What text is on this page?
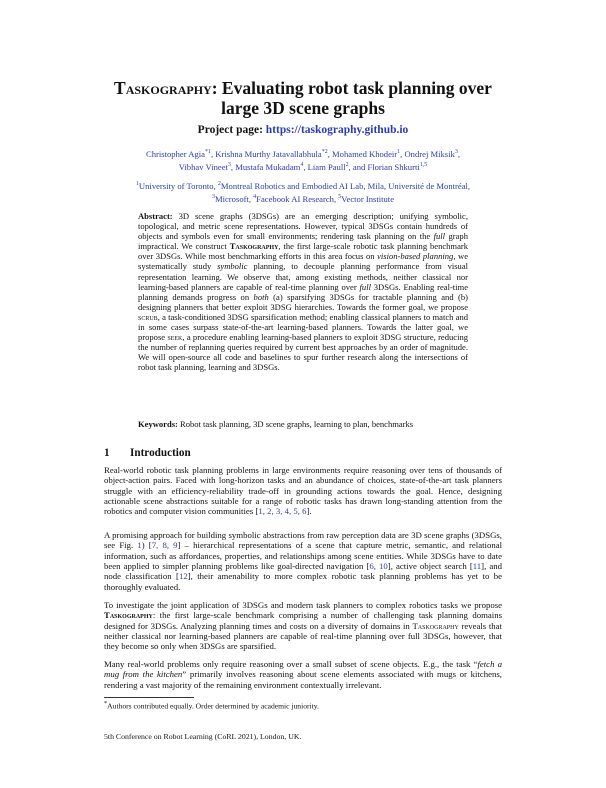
Taskography: Evaluating robot task planning over
large 3D scene graphs
Project page: https://taskography.github.io
Christopher Agia$^{*1}$, Krishna Murthy Jatavallabhula$^{*2}$, Mohamed Khodeir$^1$, Ondrej Miksik$^3$,
Vibhav Vineet$^3$, Mustafa Mukadam$^4$, Liam Paull$^2$, and Florian Shkurti$^{1,5}$
$^1$University of Toronto, $^2$Montreal Robotics and Embodied AI Lab, Mila, Université de Montréal,
$^3$Microsoft, $^4$Facebook AI Research, $^5$Vector Institute
Abstract: 3D scene graphs (3DSGs) are an emerging description; unifying symbolic, topological, and metric scene representations. However, typical 3DSGs contain hundreds of objects and symbols even for small environments; rendering task planning on the full graph impractical. We construct Taskography, the first large-scale robotic task planning benchmark over 3DSGs. While most benchmarking efforts in this area focus on vision-based planning, we systematically study symbolic planning, to decouple planning performance from visual representation learning. We observe that, among existing methods, neither classical nor learning-based planners are capable of real-time planning over full 3DSGs. Enabling real-time planning demands progress on both (a) sparsifying 3DSGs for tractable planning and (b) designing planners that better exploit 3DSG hierarchies. Towards the former goal, we propose scrub, a task-conditioned 3DSG sparsification method; enabling classical planners to match and in some cases surpass state-of-the-art learning-based planners. Towards the latter goal, we propose seek, a procedure enabling learning-based planners to exploit 3DSG structure, reducing the number of replanning queries required by current best approaches by an order of magnitude. We will open-source all code and baselines to spur further research along the intersections of robot task planning, learning and 3DSGs.
Keywords: Robot task planning, 3D scene graphs, learning to plan, benchmarks
1 Introduction
Real-world robotic task planning problems in large environments require reasoning over tens of thousands of object-action pairs. Faced with long-horizon tasks and an abundance of choices, state-of-the-art task planners struggle with an efficiency-reliability trade-off in grounding actions towards the goal. Hence, designing actionable scene abstractions suitable for a range of robotic tasks has drawn long-standing attention from the robotics and computer vision communities [1, 2, 3, 4, 5, 6].
A promising approach for building symbolic abstractions from raw perception data are 3D scene graphs (3DSGs, see Fig. 1) [7, 8, 9] – hierarchical representations of a scene that capture metric, semantic, and relational information, such as affordances, properties, and relationships among scene entities. While 3DSGs have to date been applied to simpler planning problems like goal-directed navigation [6, 10], active object search [11], and node classification [12], their amenability to more complex robotic task planning problems has yet to be thoroughly evaluated.
To investigate the joint application of 3DSGs and modern task planners to complex robotics tasks we propose Taskography: the first large-scale benchmark comprising a number of challenging task planning domains designed for 3DSGs. Analyzing planning times and costs on a diversity of domains in Taskography reveals that neither classical nor learning-based planners are capable of real-time planning over full 3DSGs, however, that they become so only when 3DSGs are sparsified.
Many real-world problems only require reasoning over a small subset of scene objects. E.g., the task “fetch a mug from the kitchen” primarily involves reasoning about scene elements associated with mugs or kitchens, rendering a vast majority of the remaining environment contextually irrelevant.
*Authors contributed equally. Order determined by academic juniority.
5th Conference on Robot Learning (CoRL 2021), London, UK.
